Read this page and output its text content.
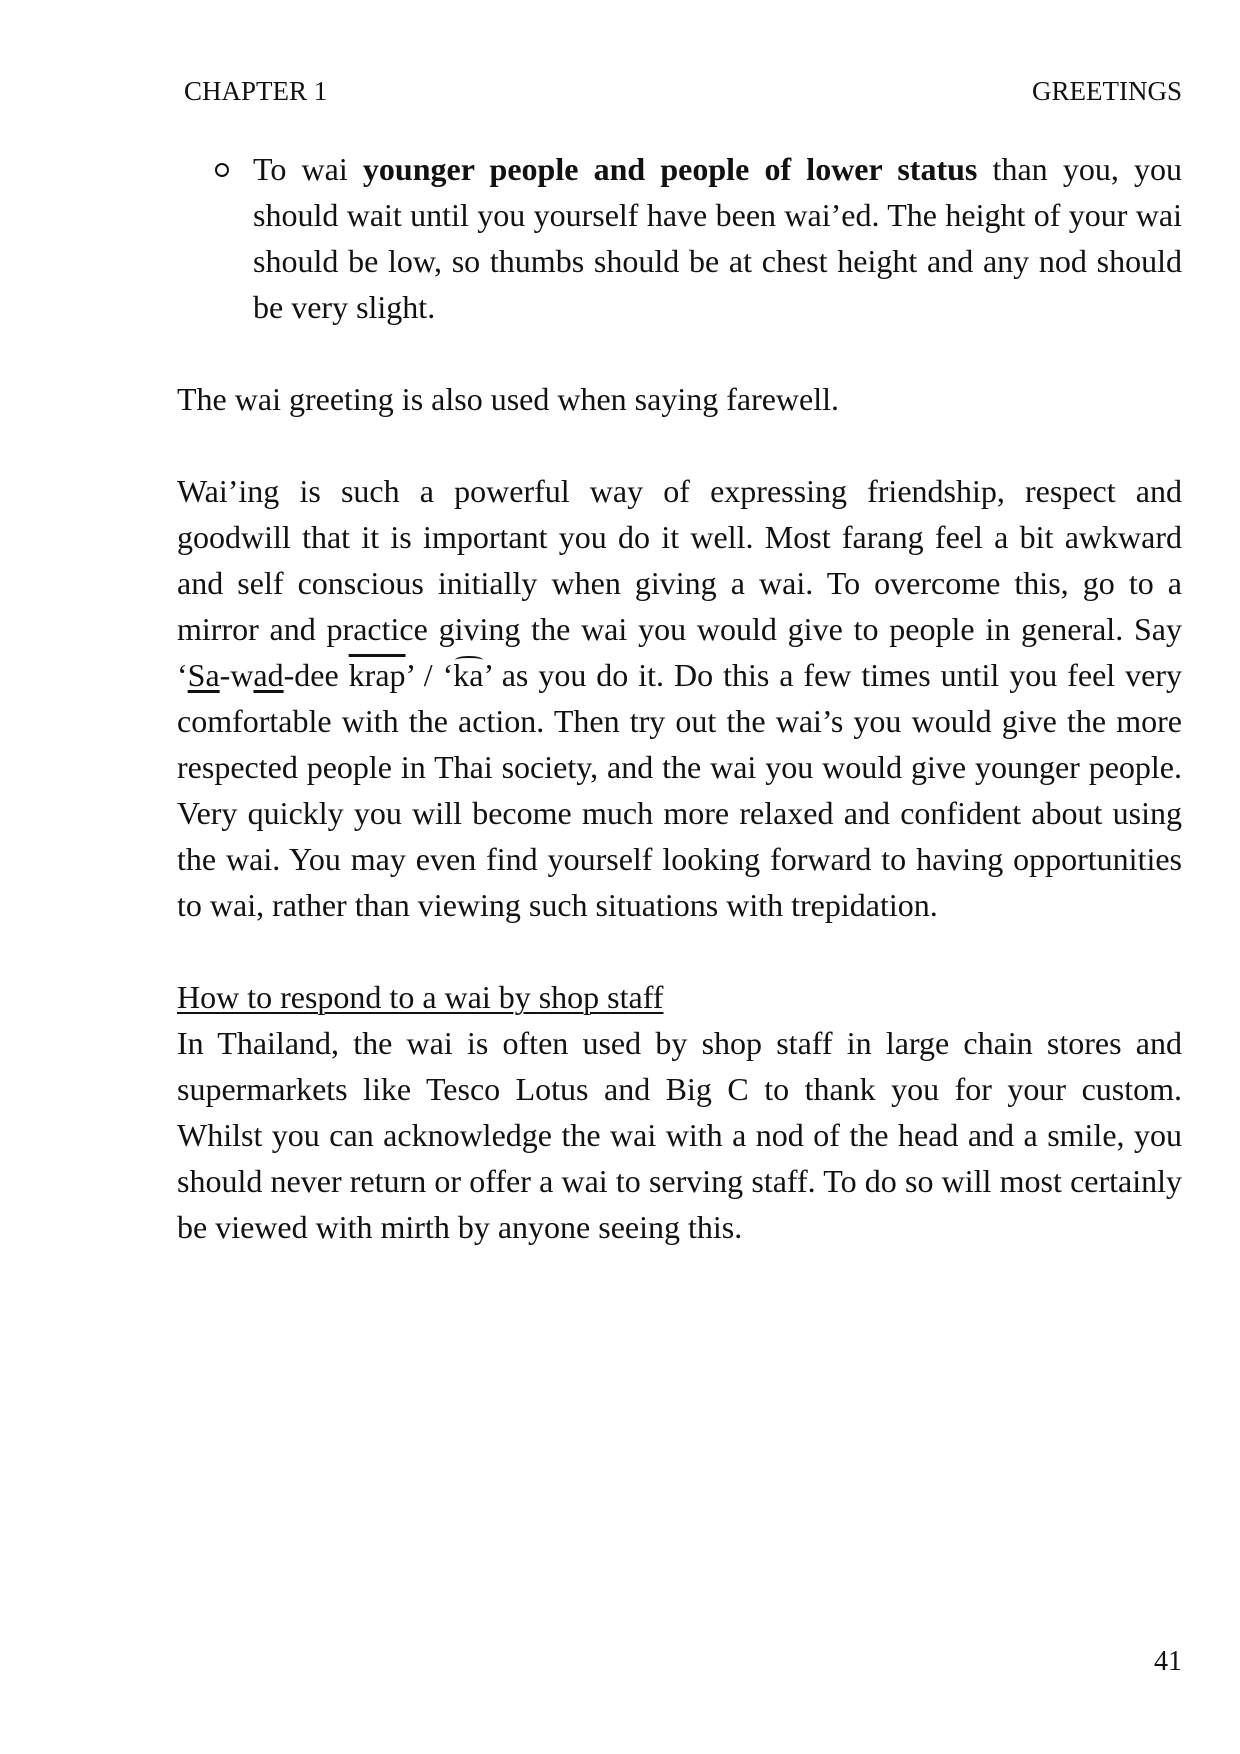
CHAPTER 1	GREETINGS
To wai younger people and people of lower status than you, you should wait until you yourself have been wai’ed. The height of your wai should be low, so thumbs should be at chest height and any nod should be very slight.

The wai greeting is also used when saying farewell.

Wai’ing is such a powerful way of expressing friendship, respect and goodwill that it is important you do it well. Most farang feel a bit awkward and self conscious initially when giving a wai. To overcome this, go to a mirror and practice giving the wai you would give to people in general. Say ‘Sa-wad-dee krap’ / ‘ka’ as you do it. Do this a few times until you feel very comfortable with the action. Then try out the wai’s you would give the more respected people in Thai society, and the wai you would give younger people. Very quickly you will become much more relaxed and confident about using the wai. You may even find yourself looking forward to having opportunities to wai, rather than viewing such situations with trepidation.

How to respond to a wai by shop staff

In Thailand, the wai is often used by shop staff in large chain stores and supermarkets like Tesco Lotus and Big C to thank you for your custom. Whilst you can acknowledge the wai with a nod of the head and a smile, you should never return or offer a wai to serving staff. To do so will most certainly be viewed with mirth by anyone seeing this.

41
